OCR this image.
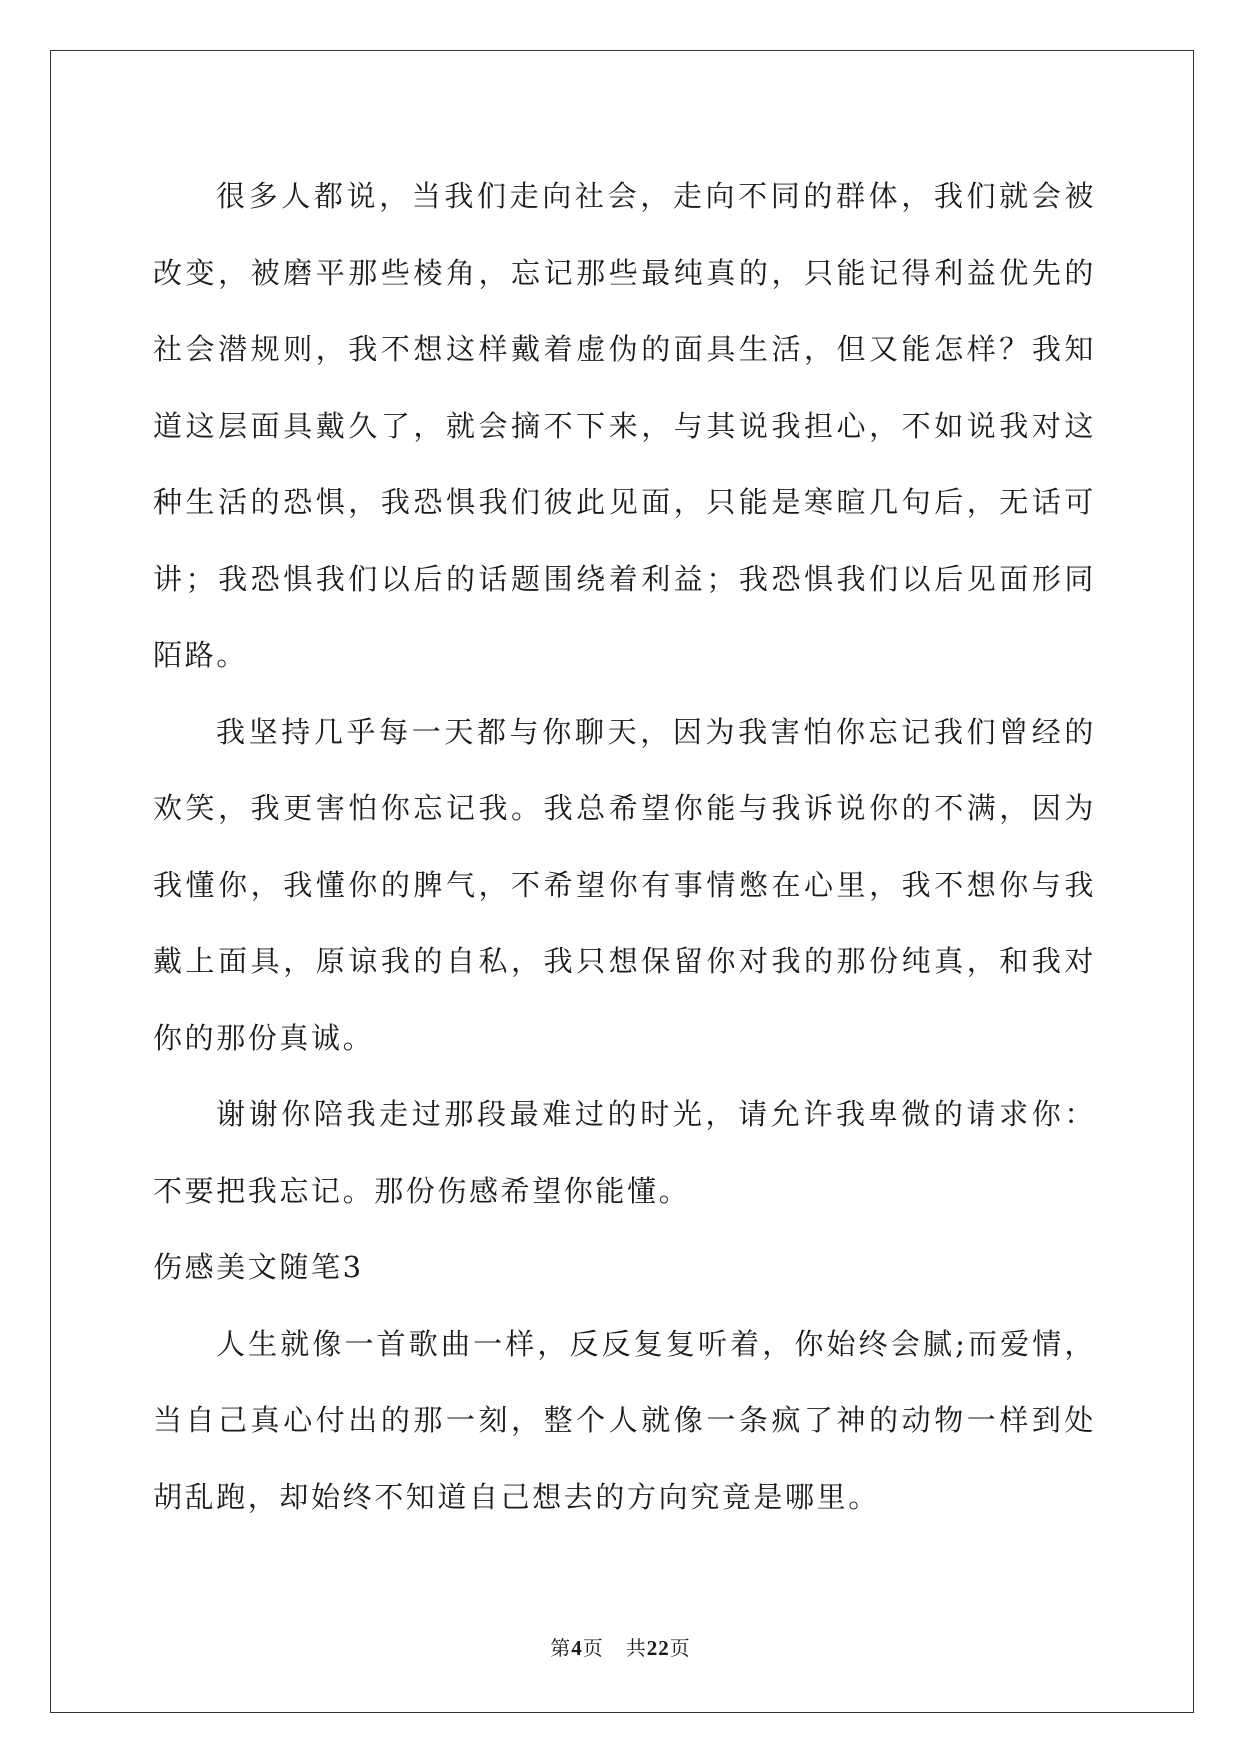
很多人都说，当我们走向社会，走向不同的群体，我们就会被改变，被磨平那些棱角，忘记那些最纯真的，只能记得利益优先的社会潜规则，我不想这样戴着虚伪的面具生活，但又能怎样？我知道这层面具戴久了，就会摘不下来，与其说我担心，不如说我对这种生活的恐惧，我恐惧我们彼此见面，只能是寒暄几句后，无话可讲；我恐惧我们以后的话题围绕着利益；我恐惧我们以后见面形同陌路。

我坚持几乎每一天都与你聊天，因为我害怕你忘记我们曾经的欢笑，我更害怕你忘记我。我总希望你能与我诉说你的不满，因为我懂你，我懂你的脾气，不希望你有事情憋在心里，我不想你与我戴上面具，原谅我的自私，我只想保留你对我的那份纯真，和我对你的那份真诚。

谢谢你陪我走过那段最难过的时光，请允许我卑微的请求你：不要把我忘记。那份伤感希望你能懂。

伤感美文随笔3

人生就像一首歌曲一样，反反复复听着，你始终会腻;而爱情，当自己真心付出的那一刻，整个人就像一条疯了神的动物一样到处胡乱跑，却始终不知道自己想去的方向究竟是哪里。

第4页 共22页
